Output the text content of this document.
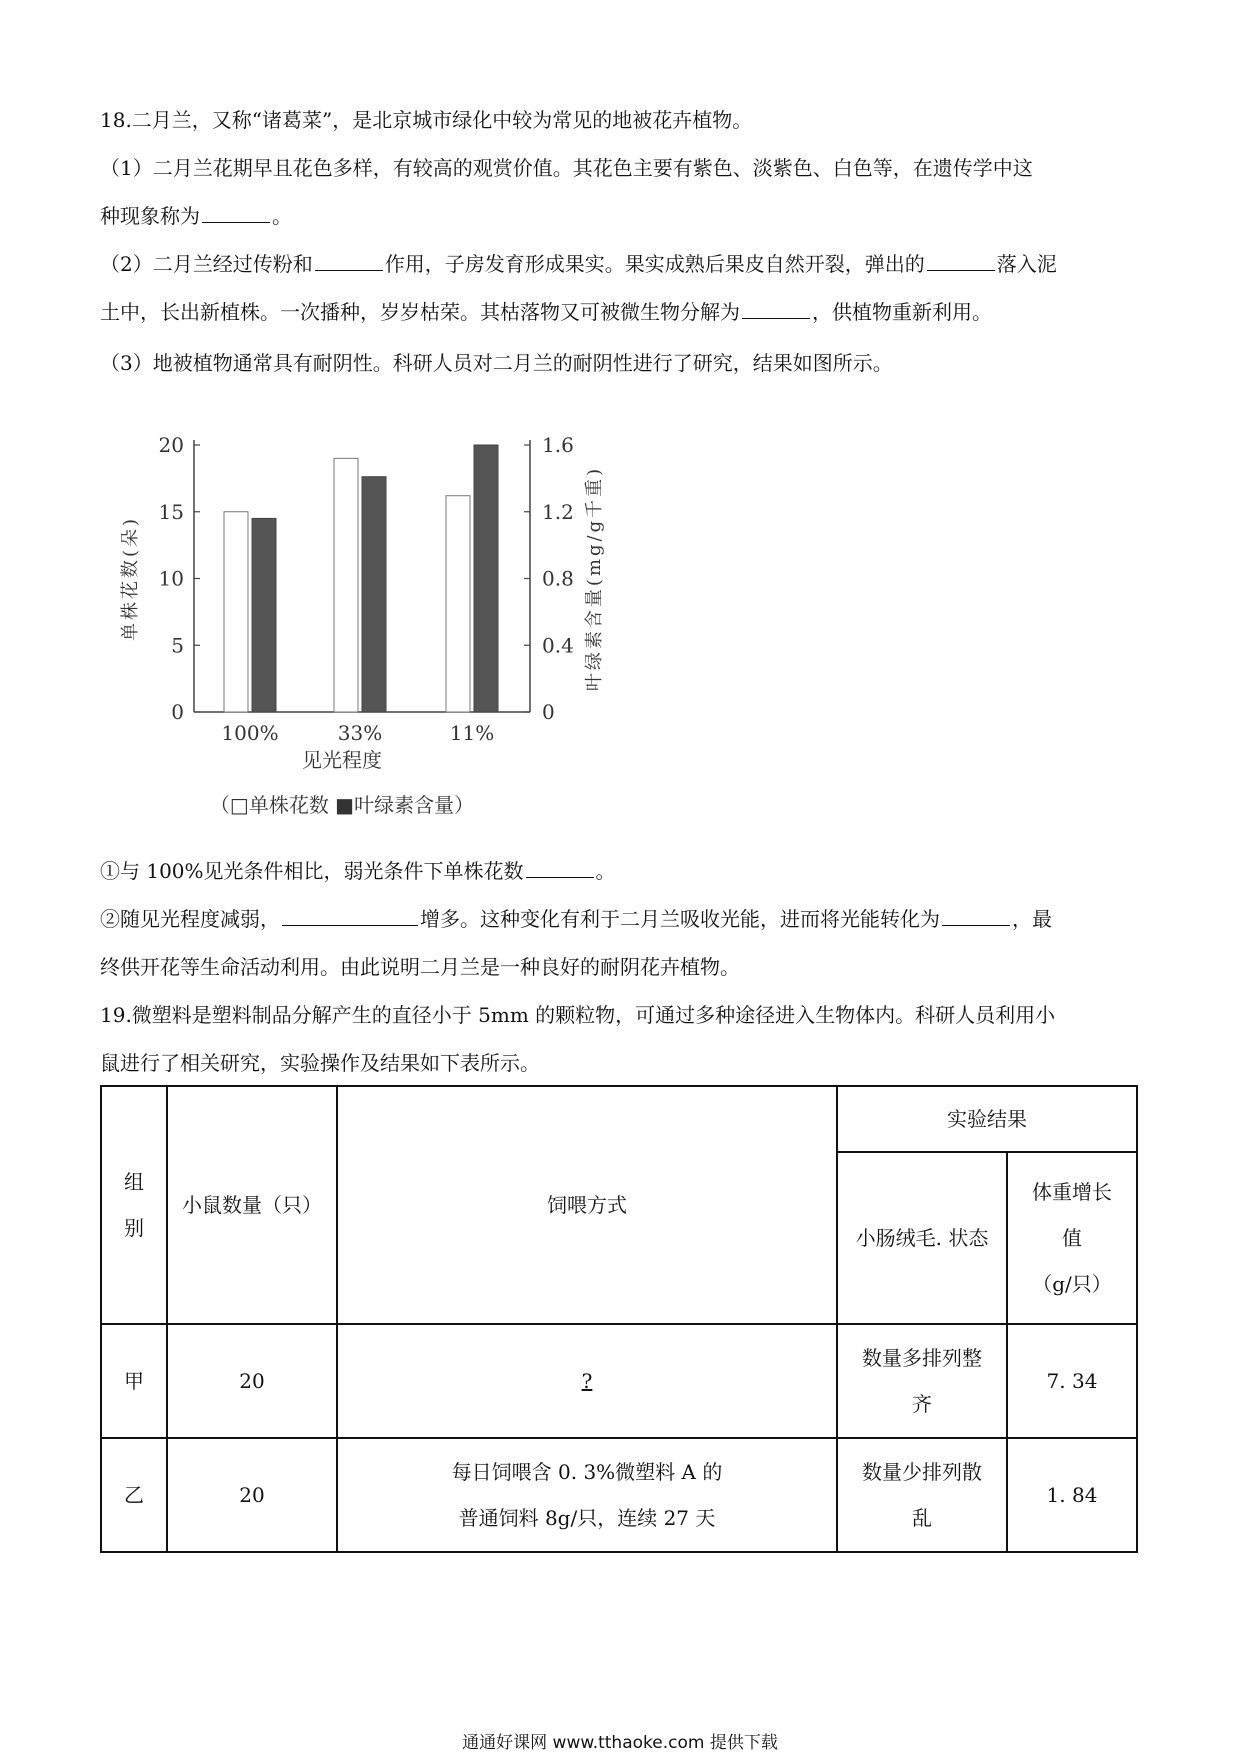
18.二月兰，又称“诸葛菜”，是北京城市绿化中较为常见的地被花卉植物。
（1）二月兰花期早且花色多样，有较高的观赏价值。其花色主要有紫色、淡紫色、白色等，在遗传学中这
种现象称为	。
（2）二月兰经过传粉和	作用，子房发育形成果实。果实成熟后果皮自然开裂，弹出的	落入泥
土中，长出新植株。一次播种，岁岁枯荣。其枯落物又可被微生物分解为	，供植物重新利用。
（3）地被植物通常具有耐阴性。科研人员对二月兰的耐阴性进行了研究，结果如图所示。
0
5
10
15
20
0
0.4
0.8
1.2
1.6
100%	33%	11%
见光程度
单株花数(朵)	叶绿素含量(mg/g千重)
（□单株花数 ■叶绿素含量）
①与 100%见光条件相比，弱光条件下单株花数	。
②随见光程度减弱，	增多。这种变化有利于二月兰吸收光能，进而将光能转化为	，最
终供开花等生命活动利用。由此说明二月兰是一种良好的耐阴花卉植物。
19.微塑料是塑料制品分解产生的直径小于 5mm 的颗粒物，可通过多种途径进入生物体内。科研人员利用小
鼠进行了相关研究，实验操作及结果如下表所示。
组
别	小鼠数量（只）	饲喂方式	实验结果	
			小肠绒毛. 状态	体重增长
值
（g/只）
甲	20	?	数量多排列整
齐	7. 34
乙	20	每日饲喂含 0. 3%微塑料 A 的
普通饲料 8g/只，连续 27 天	数量少排列散
乱	1. 84
通通好课网 www.tthaoke.com 提供下载
